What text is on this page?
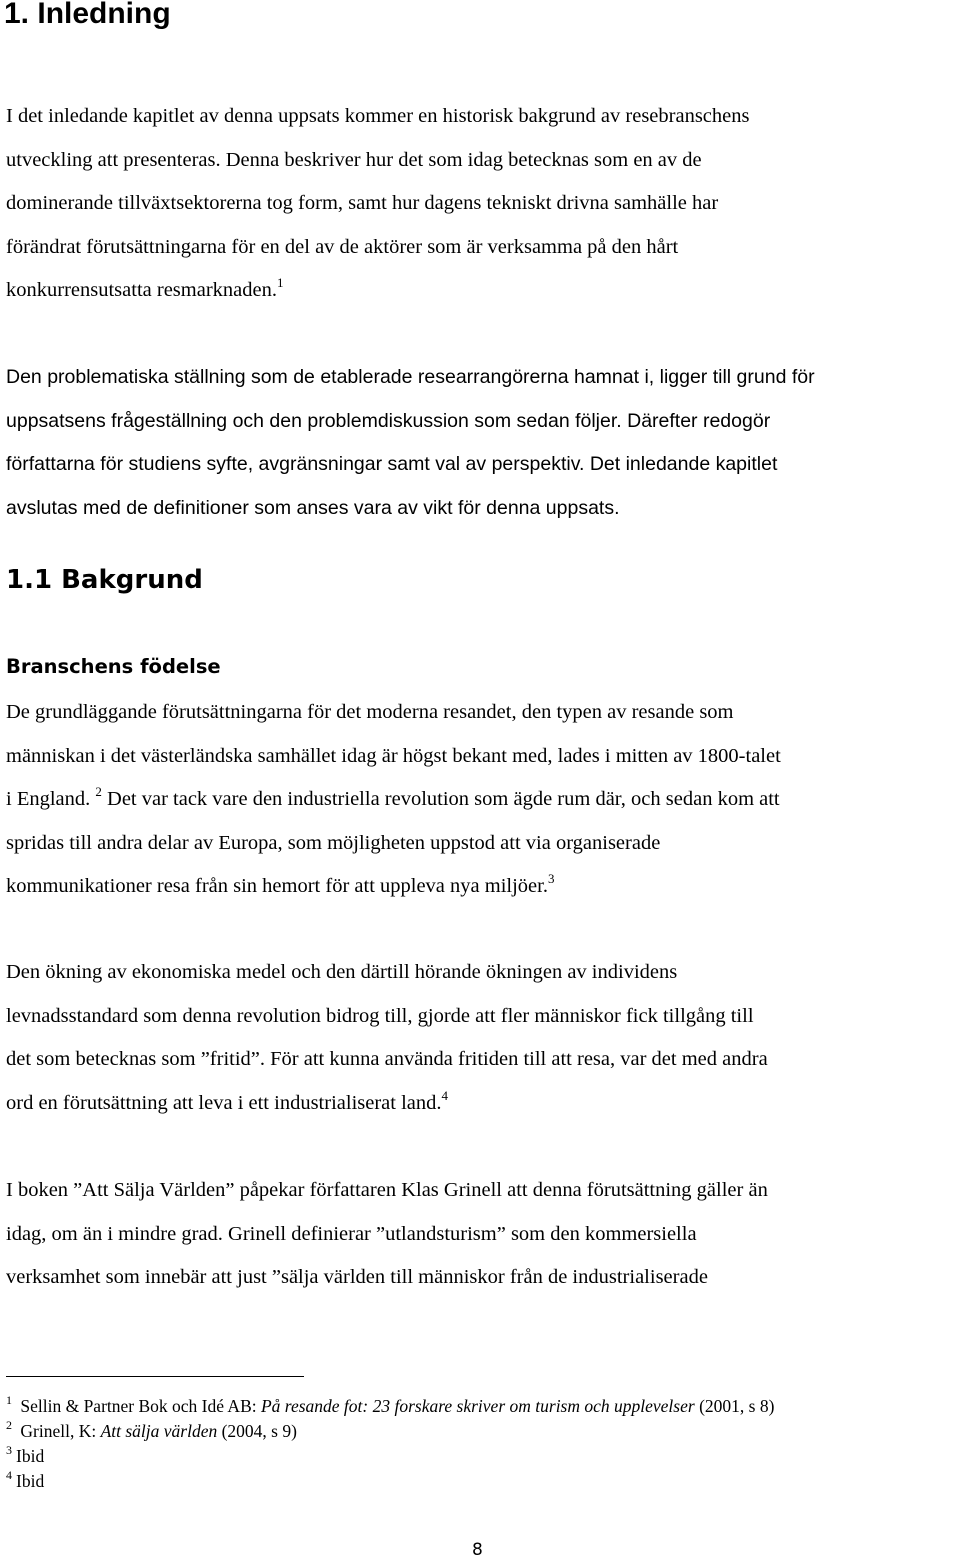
1. Inledning
I det inledande kapitlet av denna uppsats kommer en historisk bakgrund av resebranschens
utveckling att presenteras. Denna beskriver hur det som idag betecknas som en av de
dominerande tillväxtsektorerna tog form, samt hur dagens tekniskt drivna samhälle har
förändrat förutsättningarna för en del av de aktörer som är verksamma på den hårt
konkurrensutsatta resmarknaden.$^1$
Den problematiska ställning som de etablerade researrangörerna hamnat i, ligger till grund för
uppsatsens frågeställning och den problemdiskussion som sedan följer. Därefter redogör
författarna för studiens syfte, avgränsningar samt val av perspektiv. Det inledande kapitlet
avslutas med de definitioner som anses vara av vikt för denna uppsats.
1.1 Bakgrund
Branschens födelse
De grundläggande förutsättningarna för det moderna resandet, den typen av resande som
människan i det västerländska samhället idag är högst bekant med, lades i mitten av 1800-talet
i England. $^2$ Det var tack vare den industriella revolution som ägde rum där, och sedan kom att
spridas till andra delar av Europa, som möjligheten uppstod att via organiserade
kommunikationer resa från sin hemort för att uppleva nya miljöer.$^3$
Den ökning av ekonomiska medel och den därtill hörande ökningen av individens
levnadsstandard som denna revolution bidrog till, gjorde att fler människor fick tillgång till
det som betecknas som ”fritid”. För att kunna använda fritiden till att resa, var det med andra
ord en förutsättning att leva i ett industrialiserat land.$^4$
I boken ”Att Sälja Världen” påpekar författaren Klas Grinell att denna förutsättning gäller än
idag, om än i mindre grad. Grinell definierar ”utlandsturism” som den kommersiella
verksamhet som innebär att just ”sälja världen till människor från de industrialiserade
$^1$ Sellin & Partner Bok och Idé AB: På resande fot: 23 forskare skriver om turism och upplevelser (2001, s 8)
$^2$ Grinell, K: Att sälja världen (2004, s 9)
$^3$ Ibid
$^4$ Ibid
8
